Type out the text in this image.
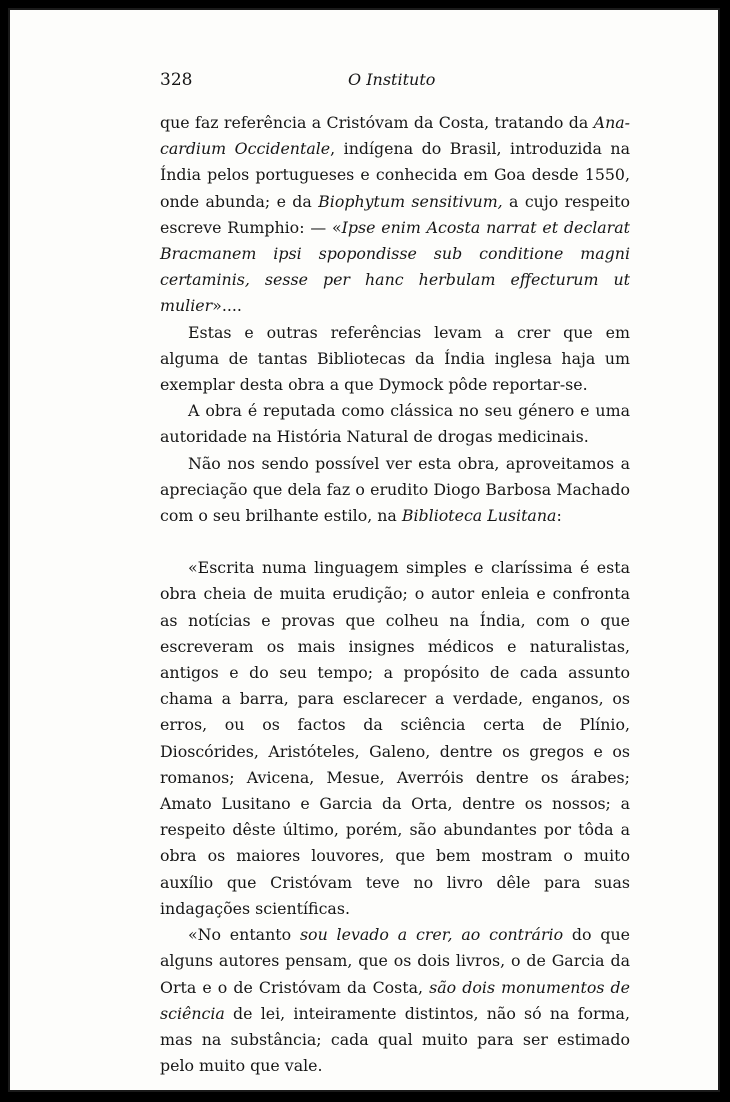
328	O Instituto

que faz referência a Cristóvam da Costa, tratando da Anacardium Occidentale, indígena do Brasil, introduzida na Índia pelos portugueses e conhecida em Goa desde 1550, onde abunda; e da Biophytum sensitivum, a cujo respeito escreve Rumphio: — «Ipse enim Acosta narrat et declarat Bracmanem ipsi spopondisse sub conditione magni certaminis, sesse per hanc herbulam effecturum ut mulier»....

Estas e outras referências levam a crer que em alguma de tantas Bibliotecas da Índia inglesa haja um exemplar desta obra a que Dymock pôde reportar-se.

A obra é reputada como clássica no seu género e uma autoridade na História Natural de drogas medicinais.

Não nos sendo possível ver esta obra, aproveitamos a apreciação que dela faz o erudito Diogo Barbosa Machado com o seu brilhante estilo, na Biblioteca Lusitana:

«Escrita numa linguagem simples e claríssima é esta obra cheia de muita erudição; o autor enleia e confronta as notícias e provas que colheu na Índia, com o que escreveram os mais insignes médicos e naturalistas, antigos e do seu tempo; a propósito de cada assunto chama a barra, para esclarecer a verdade, enganos, os erros, ou os factos da sciência certa de Plínio, Dioscórides, Aristóteles, Galeno, dentre os gregos e os romanos; Avicena, Mesue, Averróis dentre os árabes; Amato Lusitano e Garcia da Orta, dentre os nossos; a respeito dêste último, porém, são abundantes por tôda a obra os maiores louvores, que bem mostram o muito auxílio que Cristóvam teve no livro dêle para suas indagações scientíficas.

«No entanto sou levado a crer, ao contrário do que alguns autores pensam, que os dois livros, o de Garcia da Orta e o de Cristóvam da Costa, são dois monumentos de sciência de lei, inteiramente distintos, não só na forma, mas na substância; cada qual muito para ser estimado pelo muito que vale.
